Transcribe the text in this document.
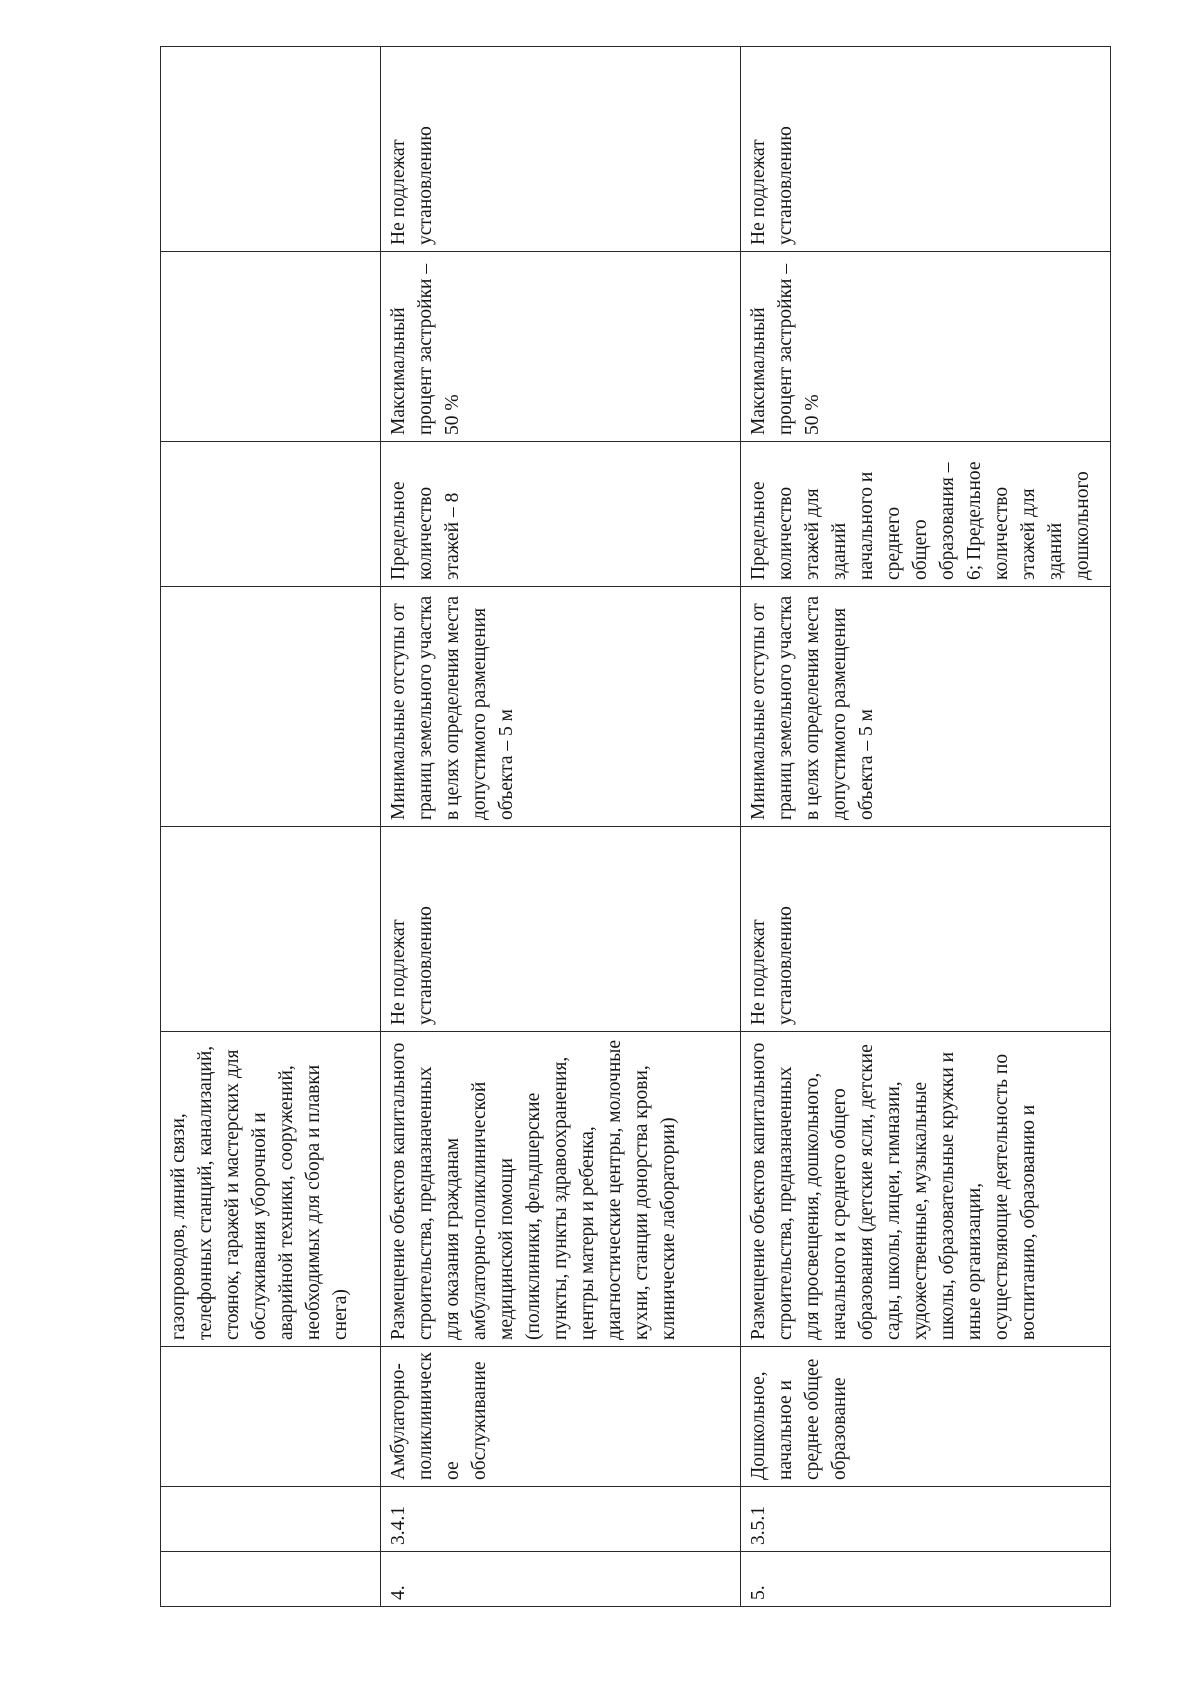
			газопроводов, линий связи, телефонных станций, канализаций, стоянок, гаражей и мастерских для обслуживания уборочной и аварийной техники, сооружений, необходимых для сбора и плавки снега)					
4.	3.4.1	Амбулаторно-поликлиническое обслуживание	Размещение объектов капитального строительства, предназначенных для оказания гражданам амбулаторно-поликлинической медицинской помощи (поликлиники, фельдшерские пункты, пункты здравоохранения, центры матери и ребенка, диагностические центры, молочные кухни, станции донорства крови, клинические лаборатории)	Не подлежат установлению	Минимальные отступы от границ земельного участка в целях определения места допустимого размещения объекта – 5 м	Предельное количество этажей – 8	Максимальный процент застройки – 50 %	Не подлежат установлению
5.	3.5.1	Дошкольное, начальное и среднее общее образование	Размещение объектов капитального строительства, предназначенных для просвещения, дошкольного, начального и среднего общего образования (детские ясли, детские сады, школы, лицеи, гимназии, художественные, музыкальные школы, образовательные кружки и иные организации, осуществляющие деятельность по воспитанию, образованию и	Не подлежат установлению	Минимальные отступы от границ земельного участка в целях определения места допустимого размещения объекта – 5 м	Предельное количество этажей для зданий начального и среднего общего образования – 6; Предельное количество этажей для зданий дошкольного	Максимальный процент застройки – 50 %	Не подлежат установлению
